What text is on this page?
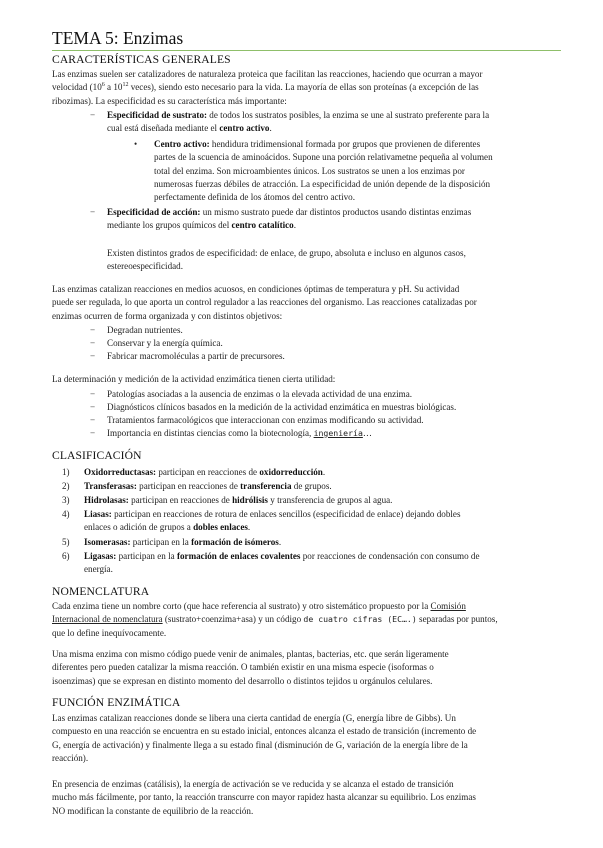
TEMA 5: Enzimas
CARACTERÍSTICAS GENERALES
Las enzimas suelen ser catalizadores de naturaleza proteica que facilitan las reacciones, haciendo que ocurran a mayor
velocidad ($10^6$ a $10^{12}$ veces), siendo esto necesario para la vida. La mayoría de ellas son proteínas (a excepción de las
ribozimas). La especificidad es su característica más importante:
− Especificidad de sustrato: de todos los sustratos posibles, la enzima se une al sustrato preferente para la
cual está diseñada mediante el centro activo.
• Centro activo: hendidura tridimensional formada por grupos que provienen de diferentes
partes de la scuencia de aminoácidos. Supone una porción relativametne pequeña al volumen
total del enzima. Son microambientes únicos. Los sustratos se unen a los enzimas por
numerosas fuerzas débiles de atracción. La especificidad de unión depende de la disposición
perfectamente definida de los átomos del centro activo.
− Especificidad de acción: un mismo sustrato puede dar distintos productos usando distintas enzimas
mediante los grupos químicos del centro catalítico.
Existen distintos grados de especificidad: de enlace, de grupo, absoluta e incluso en algunos casos,
estereoespecificidad.
Las enzimas catalizan reacciones en medios acuosos, en condiciones óptimas de temperatura y pH. Su actividad
puede ser regulada, lo que aporta un control regulador a las reacciones del organismo. Las reacciones catalizadas por
enzimas ocurren de forma organizada y con distintos objetivos:
− Degradan nutrientes.
− Conservar y la energía química.
− Fabricar macromoléculas a partir de precursores.
La determinación y medición de la actividad enzimática tienen cierta utilidad:
− Patologías asociadas a la ausencia de enzimas o la elevada actividad de una enzima.
− Diagnósticos clínicos basados en la medición de la actividad enzimática en muestras biológicas.
− Tratamientos farmacológicos que interaccionan con enzimas modificando su actividad.
− Importancia en distintas ciencias como la biotecnología, ingeniería…
CLASIFICACIÓN
1) Oxidorreductasas: participan en reacciones de oxidorreducción.
2) Transferasas: participan en reacciones de transferencia de grupos.
3) Hidrolasas: participan en reacciones de hidrólisis y transferencia de grupos al agua.
4) Liasas: participan en reacciones de rotura de enlaces sencillos (especificidad de enlace) dejando dobles
enlaces o adición de grupos a dobles enlaces.
5) Isomerasas: participan en la formación de isómeros.
6) Ligasas: participan en la formación de enlaces covalentes por reacciones de condensación con consumo de
energía.
NOMENCLATURA
Cada enzima tiene un nombre corto (que hace referencia al sustrato) y otro sistemático propuesto por la Comisión
Internacional de nomenclatura (sustrato+coenzima+asa) y un código de cuatro cifras (EC….) separadas por puntos,
que lo define inequívocamente.
Una misma enzima con mismo código puede venir de animales, plantas, bacterias, etc. que serán ligeramente
diferentes pero pueden catalizar la misma reacción. O también existir en una misma especie (isoformas o
isoenzimas) que se expresan en distinto momento del desarrollo o distintos tejidos u orgánulos celulares.
FUNCIÓN ENZIMÁTICA
Las enzimas catalizan reacciones donde se libera una cierta cantidad de energía (G, energía libre de Gibbs). Un
compuesto en una reacción se encuentra en su estado inicial, entonces alcanza el estado de transición (incremento de
G, energía de activación) y finalmente llega a su estado final (disminución de G, variación de la energía libre de la
reacción).
En presencia de enzimas (catálisis), la energía de activación se ve reducida y se alcanza el estado de transición
mucho más fácilmente, por tanto, la reacción transcurre con mayor rapidez hasta alcanzar su equilibrio. Los enzimas
NO modifican la constante de equilibrio de la reacción.
